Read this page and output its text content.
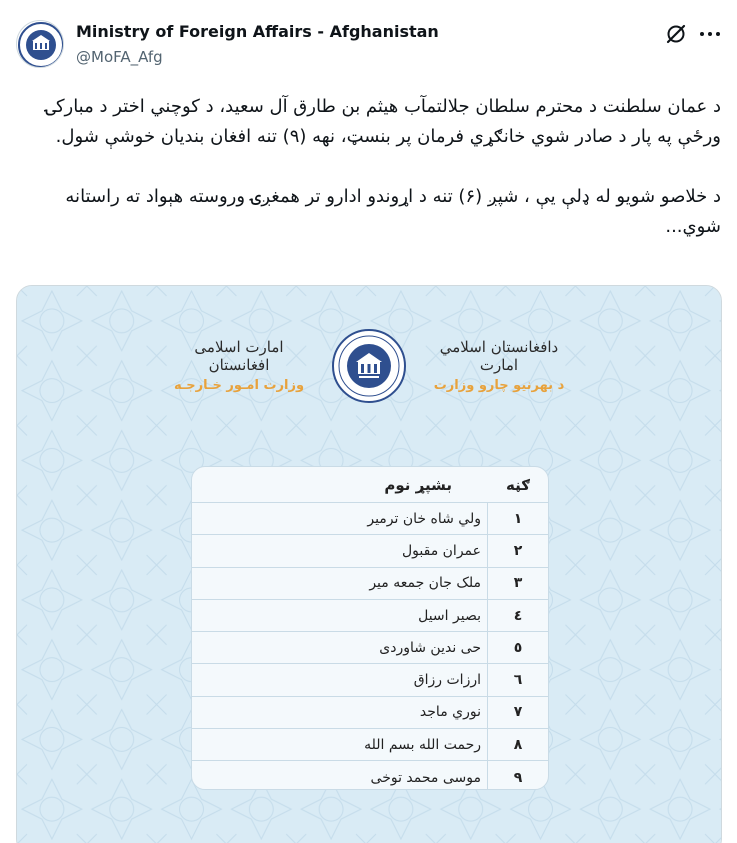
Ministry of Foreign Affairs - Afghanistan
@MoFA_Afg
د عمان سلطنت د محترم سلطان جلالتمآب هیثم بن طارق آل سعید، د کوچني اختر د مبارکۍ ورځې په پار د صادر شوي خانګړي فرمان پر بنسټ، نهه (۹) تنه افغان بندیان خوشې شول.

د خلاصو شویو له ډلې یې ، شپږ (۶) تنه د اړوندو ادارو تر همغږۍ وروسته هېواد ته راستانه شوي...
دافغانستان اسلامي امارت
د بهرنیو چارو وزارت
امارت اسلامی افغانستان
وزارت امـور خـارجـه
ګڼه
بشپړ نوم
۱
ولي شاه خان ترمیر
۲
عمران مقبول
۳
ملک جان جمعه میر
٤
بصیر اسیل
٥
حی ندین شاوردی
٦
ارزات رزاق
۷
نوري ماجد
۸
رحمت الله بسم الله
۹
موسی محمد توخی
